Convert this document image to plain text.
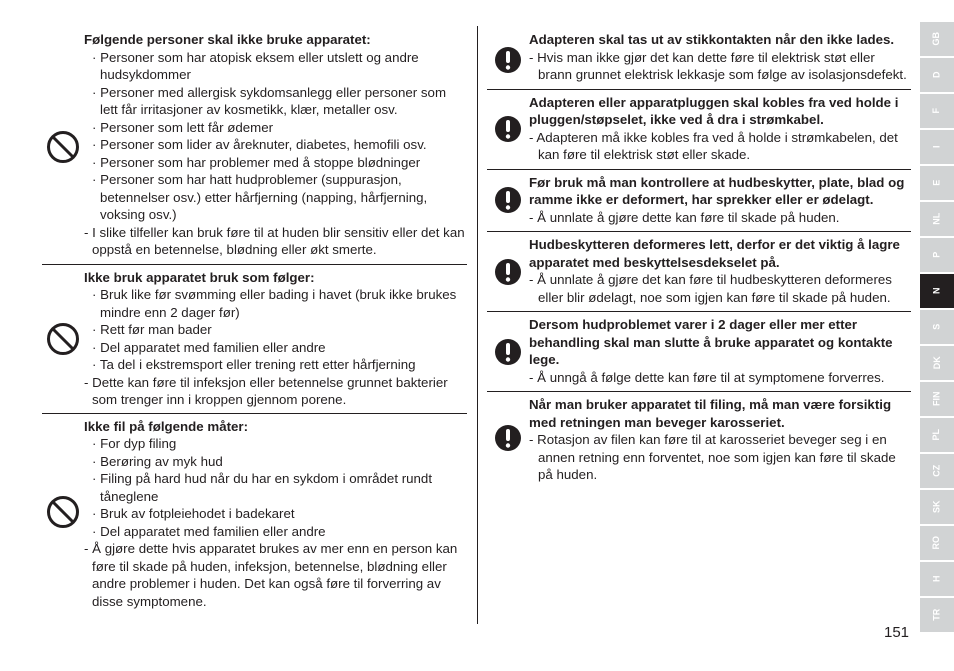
Følgende personer skal ikke bruke apparatet:
· Personer som har atopisk eksem eller utslett og andre hudsykdommer
· Personer med allergisk sykdomsanlegg eller personer som lett får irritasjoner av kosmetikk, klær, metaller osv.
· Personer som lett får ødemer
· Personer som lider av åreknuter, diabetes, hemofili osv.
· Personer som har problemer med å stoppe blødninger
· Personer som har hatt hudproblemer (suppurasjon, betennelser osv.) etter hårfjerning (napping, hårfjerning, voksing osv.)
- I slike tilfeller kan bruk føre til at huden blir sensitiv eller det kan oppstå en betennelse, blødning eller økt smerte.
Ikke bruk apparatet bruk som følger:
· Bruk like før svømming eller bading i havet (bruk ikke brukes mindre enn 2 dager før)
· Rett før man bader
· Del apparatet med familien eller andre
· Ta del i ekstremsport eller trening rett etter hårfjerning
- Dette kan føre til infeksjon eller betennelse grunnet bakterier som trenger inn i kroppen gjennom porene.
Ikke fil på følgende måter:
· For dyp filing
· Berøring av myk hud
· Filing på hard hud når du har en sykdom i området rundt tåneglene
· Bruk av fotpleiehodet i badekaret
· Del apparatet med familien eller andre
- Å gjøre dette hvis apparatet brukes av mer enn en person kan føre til skade på huden, infeksjon, betennelse, blødning eller andre problemer i huden. Det kan også føre til forverring av disse symptomene.
Adapteren skal tas ut av stikkontakten når den ikke lades.
- Hvis man ikke gjør det kan dette føre til elektrisk støt eller brann grunnet elektrisk lekkasje som følge av isolasjonsdefekt.
Adapteren eller apparatpluggen skal kobles fra ved holde i pluggen/støpselet, ikke ved å dra i strømkabel.
- Adapteren må ikke kobles fra ved å holde i strømkabelen, det kan føre til elektrisk støt eller skade.
Før bruk må man kontrollere at hudbeskytter, plate, blad og ramme ikke er deformert, har sprekker eller er ødelagt.
- Å unnlate å gjøre dette kan føre til skade på huden.
Hudbeskytteren deformeres lett, derfor er det viktig å lagre apparatet med beskyttelsesdekselet på.
- Å unnlate å gjøre det kan føre til hudbeskytteren deformeres eller blir ødelagt, noe som igjen kan føre til skade på huden.
Dersom hudproblemet varer i 2 dager eller mer etter behandling skal man slutte å bruke apparatet og kontakte lege.
- Å unngå å følge dette kan føre til at symptomene forverres.
Når man bruker apparatet til filing, må man være forsiktig med retningen man beveger karosseriet.
- Rotasjon av filen kan føre til at karosseriet beveger seg i en annen retning enn forventet, noe som igjen kan føre til skade på huden.
GB
D
F
I
E
NL
P
N
S
DK
FIN
PL
CZ
SK
RO
H
TR
151
